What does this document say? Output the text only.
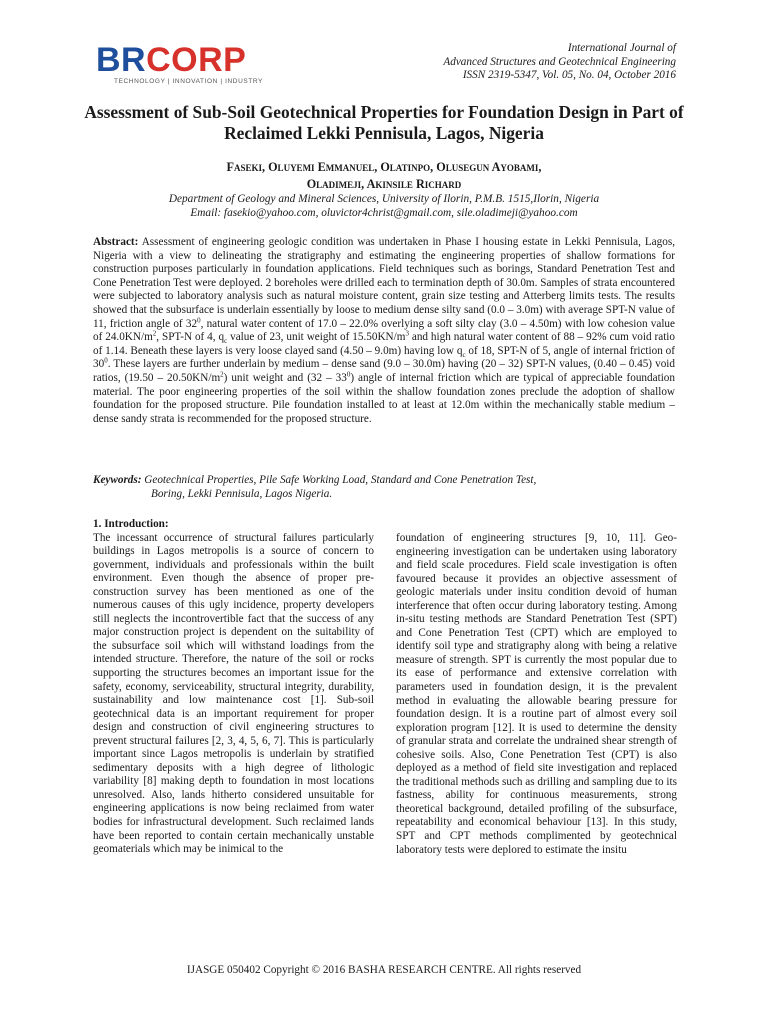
BRCORP
TECHNOLOGY | INNOVATION | INDUSTRY
International Journal of
Advanced Structures and Geotechnical Engineering
ISSN 2319-5347, Vol. 05, No. 04, October 2016
Assessment of Sub-Soil Geotechnical Properties for Foundation Design in Part of Reclaimed Lekki Pennisula, Lagos, Nigeria
Faseki, Oluyemi Emmanuel, Olatinpo, Olusegun Ayobami,
Oladimeji, Akinsile Richard
Department of Geology and Mineral Sciences, University of Ilorin, P.M.B. 1515,Ilorin, Nigeria
Email: fasekio@yahoo.com, oluvictor4christ@gmail.com, sile.oladimeji@yahoo.com

Abstract: Assessment of engineering geologic condition was undertaken in Phase I housing estate in Lekki Pennisula, Lagos, Nigeria with a view to delineating the stratigraphy and estimating the engineering properties of shallow formations for construction purposes particularly in foundation applications. Field techniques such as borings, Standard Penetration Test and Cone Penetration Test were deployed. 2 boreholes were drilled each to termination depth of 30.0m. Samples of strata encountered were subjected to laboratory analysis such as natural moisture content, grain size testing and Atterberg limits tests. The results showed that the subsurface is underlain essentially by loose to medium dense silty sand (0.0 – 3.0m) with average SPT-N value of 11, friction angle of $32^0$, natural water content of 17.0 – 22.0% overlying a soft silty clay (3.0 – 4.50m) with low cohesion value of $24.0KN/m^2$, SPT-N of 4, $q_c$ value of 23, unit weight of $15.50KN/m^3$ and high natural water content of 88 – 92% cum void ratio of 1.14. Beneath these layers is very loose clayed sand (4.50 – 9.0m) having low $q_c$ of 18, SPT-N of 5, angle of internal friction of $30^0$. These layers are further underlain by medium – dense sand (9.0 – 30.0m) having (20 – 32) SPT-N values, (0.40 – 0.45) void ratios, $(19.50 - 20.50KN/m^2)$ unit weight and $(32 - 33^0)$ angle of internal friction which are typical of appreciable foundation material. The poor engineering properties of the soil within the shallow foundation zones preclude the adoption of shallow foundation for the proposed structure. Pile foundation installed to at least at 12.0m within the mechanically stable medium – dense sandy strata is recommended for the proposed structure.

Keywords: Geotechnical Properties, Pile Safe Working Load, Standard and Cone Penetration Test,
Boring, Lekki Pennisula, Lagos Nigeria.

1. Introduction:

The incessant occurrence of structural failures particularly buildings in Lagos metropolis is a source of concern to government, individuals and professionals within the built environment. Even though the absence of proper pre-construction survey has been mentioned as one of the numerous causes of this ugly incidence, property developers still neglects the incontrovertible fact that the success of any major construction project is dependent on the suitability of the subsurface soil which will withstand loadings from the intended structure. Therefore, the nature of the soil or rocks supporting the structures becomes an important issue for the safety, economy, serviceability, structural integrity, durability, sustainability and low maintenance cost [1]. Sub-soil geotechnical data is an important requirement for proper design and construction of civil engineering structures to prevent structural failures [2, 3, 4, 5, 6, 7]. This is particularly important since Lagos metropolis is underlain by stratified sedimentary deposits with a high degree of lithologic variability [8] making depth to foundation in most locations unresolved. Also, lands hitherto considered unsuitable for engineering applications is now being reclaimed from water bodies for infrastructural development. Such reclaimed lands have been reported to contain certain mechanically unstable geomaterials which may be inimical to the

foundation of engineering structures [9, 10, 11]. Geo-engineering investigation can be undertaken using laboratory and field scale procedures. Field scale investigation is often favoured because it provides an objective assessment of geologic materials under insitu condition devoid of human interference that often occur during laboratory testing. Among in-situ testing methods are Standard Penetration Test (SPT) and Cone Penetration Test (CPT) which are employed to identify soil type and stratigraphy along with being a relative measure of strength. SPT is currently the most popular due to its ease of performance and extensive correlation with parameters used in foundation design, it is the prevalent method in evaluating the allowable bearing pressure for foundation design. It is a routine part of almost every soil exploration program [12]. It is used to determine the density of granular strata and correlate the undrained shear strength of cohesive soils. Also, Cone Penetration Test (CPT) is also deployed as a method of field site investigation and replaced the traditional methods such as drilling and sampling due to its fastness, ability for continuous measurements, strong theoretical background, detailed profiling of the subsurface, repeatability and economical behaviour [13]. In this study, SPT and CPT methods complimented by geotechnical laboratory tests were deplored to estimate the insitu

IJASGE 050402 Copyright © 2016 BASHA RESEARCH CENTRE. All rights reserved
